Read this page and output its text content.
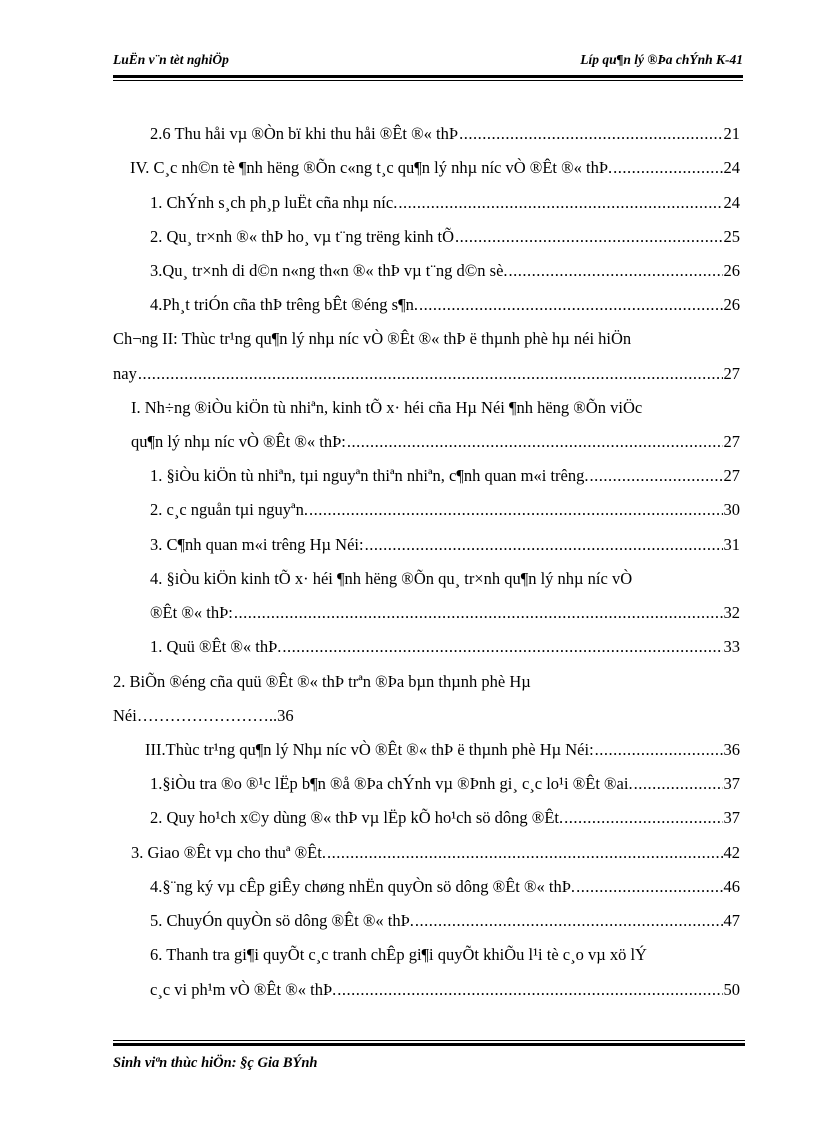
LuËn v¨n tèt nghiÖp	Líp qu¶n lý ®Þa chÝnh K-41
2.6 Thu håi vµ ®Òn bï khi thu håi ®Êt ®« thÞ .....	21
IV. C¸c nh©n tè ¶nh hëng ®Õn c«ng t¸c qu¶n lý nhµ níc vÒ ®Êt ®« thÞ. .....	24
1. ChÝnh s¸ch ph¸p luËt cña nhµ níc. .....	24
2. Qu¸ tr×nh ®« thÞ ho¸ vµ t¨ng trëng kinh tÕ .....	25
3.Qu¸ tr×nh di d©n n«ng th«n ®« thÞ vµ t¨ng d©n sè. .....	26
4.Ph¸t triÓn cña thÞ trêng bÊt ®éng s¶n. .....	26
Ch¬ng II: Thùc tr¹ng qu¶n lý nhµ níc vÒ ®Êt ®« thÞ ë thµnh phè hµ néi hiÖn
nay .....	27
I. Nh÷ng ®iÒu kiÖn tù nhiªn, kinh tÕ x· héi cña Hµ Néi ¶nh hëng ®Õn viÖc
qu¶n lý nhµ níc vÒ ®Êt ®« thÞ: .....	27
1. §iÒu kiÖn tù nhiªn, tµi nguyªn thiªn nhiªn, c¶nh quan m«i trêng. .....	27
2. c¸c nguån tµi nguyªn. .....	30
3. C¶nh quan m«i trêng Hµ Néi: .....	31
4. §iÒu kiÖn kinh tÕ x· héi ¶nh hëng ®Õn qu¸ tr×nh qu¶n lý nhµ níc vÒ
®Êt ®« thÞ: .....	32
1. Quü ®Êt ®« thÞ. .....	33
2. BiÕn ®éng cña quü ®Êt ®« thÞ trªn ®Þa bµn thµnh phè Hµ
Néi……………………..36
III.Thùc tr¹ng qu¶n lý Nhµ níc vÒ ®Êt ®« thÞ ë thµnh phè Hµ Néi: .....	36
1.§iÒu tra ®o ®¹c lËp b¶n ®å ®Þa chÝnh vµ ®Þnh gi¸ c¸c lo¹i ®Êt ®ai. .....	37
2. Quy ho¹ch x©y dùng ®« thÞ vµ lËp kÕ ho¹ch sö dông ®Êt. .....	37
3. Giao ®Êt vµ cho thuª ®Êt. .....	42
4.§¨ng ký vµ cÊp giÊy chøng nhËn quyÒn sö dông ®Êt ®« thÞ. .....	46
5. ChuyÓn quyÒn sö dông ®Êt ®« thÞ. .....	47
6. Thanh tra gi¶i quyÕt c¸c tranh chÊp gi¶i quyÕt khiÕu l¹i tè c¸o vµ xö lÝ
c¸c vi ph¹m vÒ ®Êt ®« thÞ. .....	50
Sinh viªn thùc hiÖn: §ç Gia BÝnh
